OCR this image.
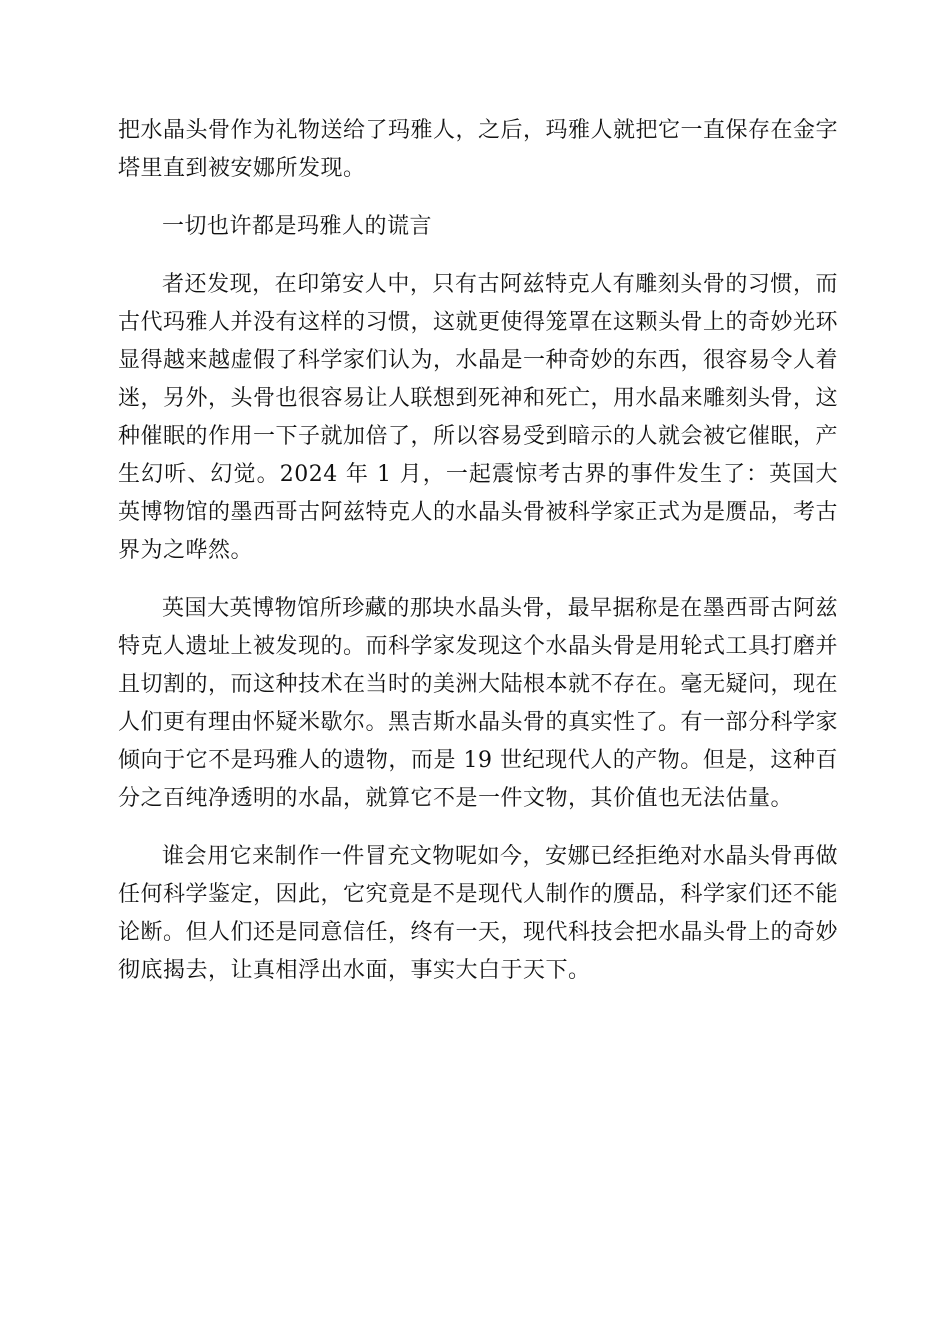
把水晶头骨作为礼物送给了玛雅人，之后，玛雅人就把它一直保存在金字塔里直到被安娜所发现。

一切也许都是玛雅人的谎言

者还发现，在印第安人中，只有古阿兹特克人有雕刻头骨的习惯，而古代玛雅人并没有这样的习惯，这就更使得笼罩在这颗头骨上的奇妙光环显得越来越虚假了科学家们认为，水晶是一种奇妙的东西，很容易令人着迷，另外，头骨也很容易让人联想到死神和死亡，用水晶来雕刻头骨，这种催眠的作用一下子就加倍了，所以容易受到暗示的人就会被它催眠，产生幻听、幻觉。2024 年 1 月，一起震惊考古界的事件发生了：英国大英博物馆的墨西哥古阿兹特克人的水晶头骨被科学家正式为是赝品，考古界为之哗然。

英国大英博物馆所珍藏的那块水晶头骨，最早据称是在墨西哥古阿兹特克人遗址上被发现的。而科学家发现这个水晶头骨是用轮式工具打磨并且切割的，而这种技术在当时的美洲大陆根本就不存在。毫无疑问，现在人们更有理由怀疑米歇尔。黑吉斯水晶头骨的真实性了。有一部分科学家倾向于它不是玛雅人的遗物，而是 19 世纪现代人的产物。但是，这种百分之百纯净透明的水晶，就算它不是一件文物，其价值也无法估量。

谁会用它来制作一件冒充文物呢如今，安娜已经拒绝对水晶头骨再做任何科学鉴定，因此，它究竟是不是现代人制作的赝品，科学家们还不能论断。但人们还是同意信任，终有一天，现代科技会把水晶头骨上的奇妙彻底揭去，让真相浮出水面，事实大白于天下。
